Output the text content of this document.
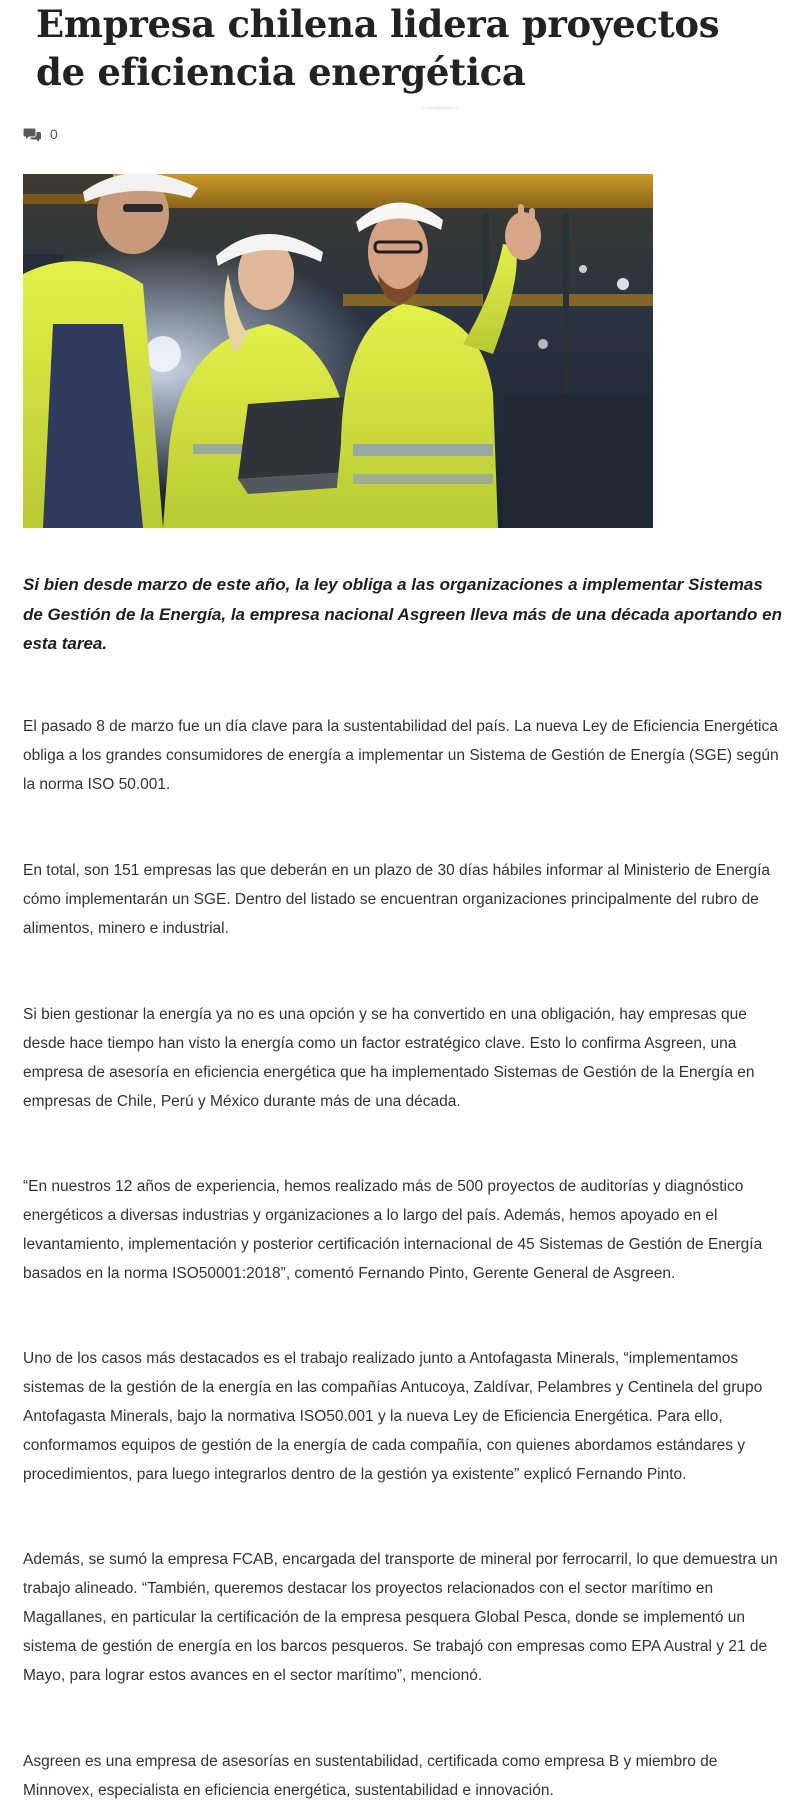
Empresa chilena lidera proyectos de eficiencia energética
0

Si bien desde marzo de este año, la ley obliga a las organizaciones a implementar Sistemas de Gestión de la Energía, la empresa nacional Asgreen lleva más de una década aportando en esta tarea.

El pasado 8 de marzo fue un día clave para la sustentabilidad del país. La nueva Ley de Eficiencia Energética obliga a los grandes consumidores de energía a implementar un Sistema de Gestión de Energía (SGE) según la norma ISO 50.001.

En total, son 151 empresas las que deberán en un plazo de 30 días hábiles informar al Ministerio de Energía cómo implementarán un SGE. Dentro del listado se encuentran organizaciones principalmente del rubro de alimentos, minero e industrial.

Si bien gestionar la energía ya no es una opción y se ha convertido en una obligación, hay empresas que desde hace tiempo han visto la energía como un factor estratégico clave. Esto lo confirma Asgreen, una empresa de asesoría en eficiencia energética que ha implementado Sistemas de Gestión de la Energía en empresas de Chile, Perú y México durante más de una década.

“En nuestros 12 años de experiencia, hemos realizado más de 500 proyectos de auditorías y diagnóstico energéticos a diversas industrias y organizaciones a lo largo del país. Además, hemos apoyado en el levantamiento, implementación y posterior certificación internacional de 45 Sistemas de Gestión de Energía basados en la norma ISO50001:2018”, comentó Fernando Pinto, Gerente General de Asgreen.

Uno de los casos más destacados es el trabajo realizado junto a Antofagasta Minerals, “implementamos sistemas de la gestión de la energía en las compañías Antucoya, Zaldívar, Pelambres y Centinela del grupo Antofagasta Minerals, bajo la normativa ISO50.001 y la nueva Ley de Eficiencia Energética. Para ello, conformamos equipos de gestión de la energía de cada compañía, con quienes abordamos estándares y procedimientos, para luego integrarlos dentro de la gestión ya existente” explicó Fernando Pinto.

Además, se sumó la empresa FCAB, encargada del transporte de mineral por ferrocarril, lo que demuestra un trabajo alineado. “También, queremos destacar los proyectos relacionados con el sector marítimo en Magallanes, en particular la certificación de la empresa pesquera Global Pesca, donde se implementó un sistema de gestión de energía en los barcos pesqueros. Se trabajó con empresas como EPA Austral y 21 de Mayo, para lograr estos avances en el sector marítimo”, mencionó.

Asgreen es una empresa de asesorías en sustentabilidad, certificada como empresa B y miembro de Minnovex, especialista en eficiencia energética, sustentabilidad e innovación.
